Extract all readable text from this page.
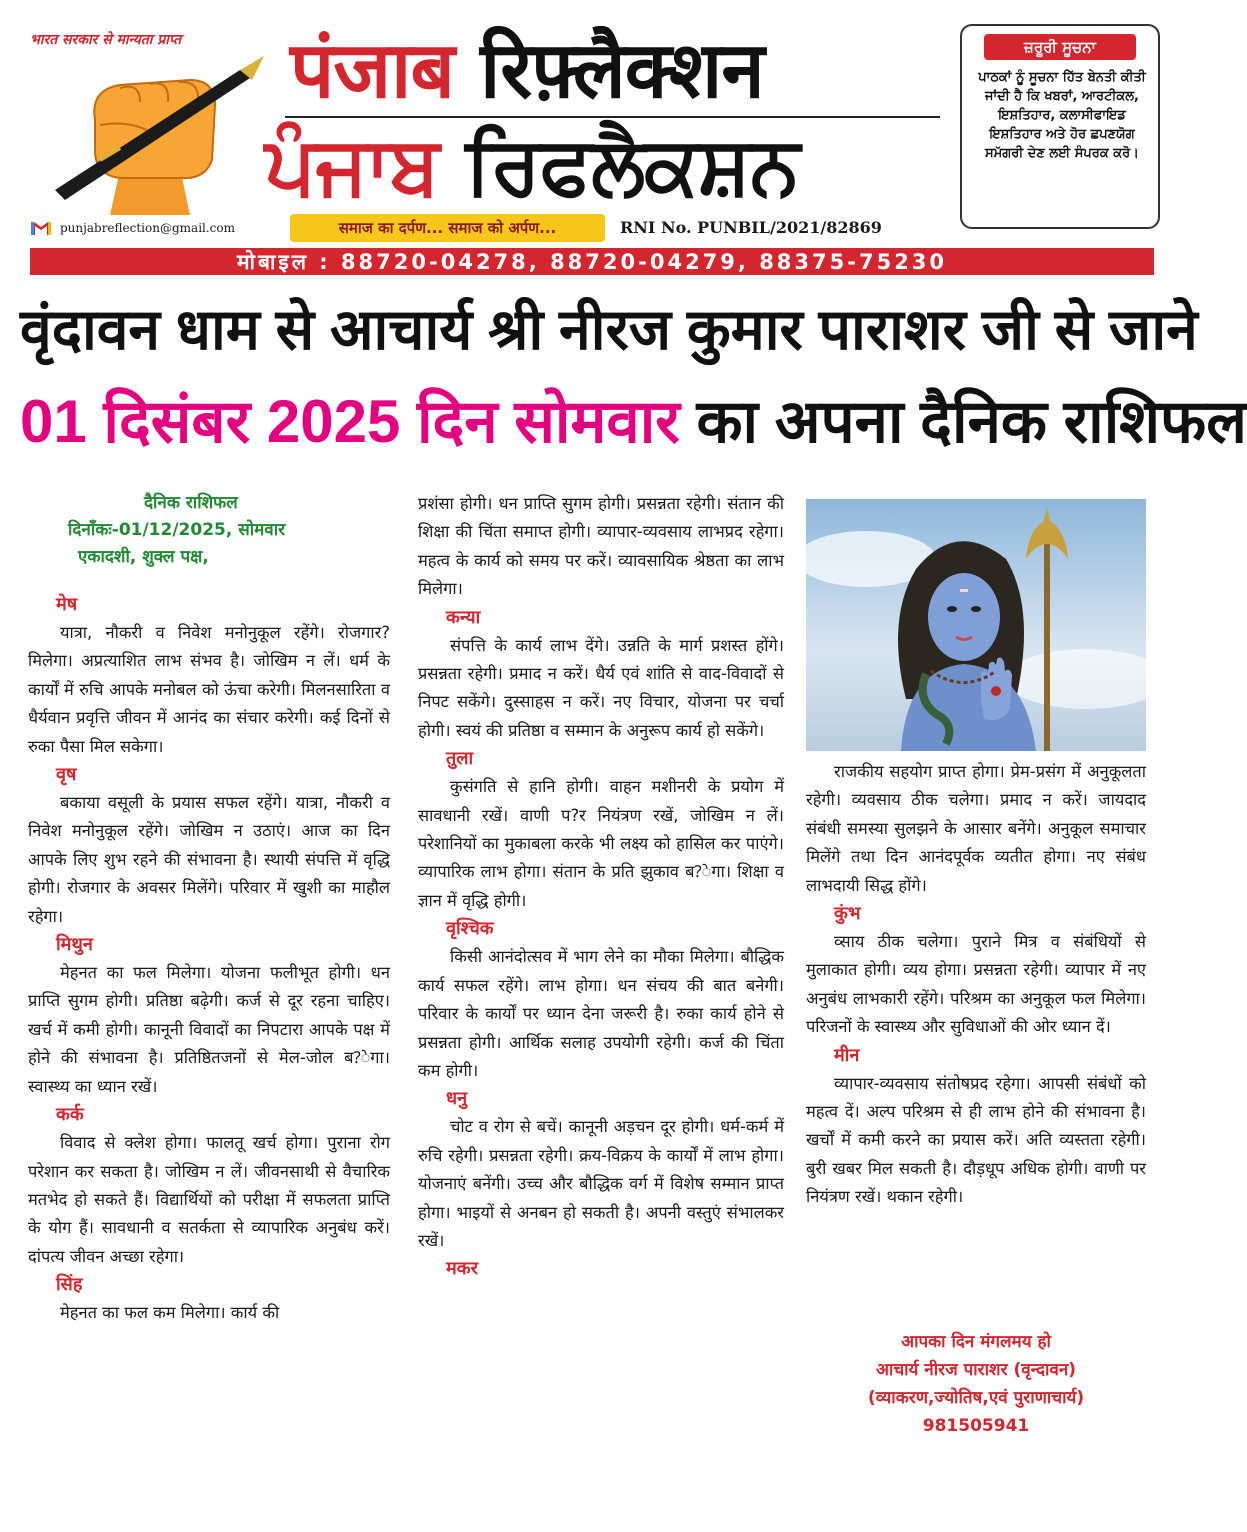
भारत सरकार से मान्यता प्राप्त
punjabreflection@gmail.com
पंजाब रिफ़्लैक्शन
ਪੰਜਾਬ ਰਿਫਲੈਕਸ਼ਨ
समाज का दर्पण... समाज को अर्पण...	RNI No. PUNBIL/2021/82869
ਜ਼ਰੂਰੀ ਸੂਚਨਾ
ਪਾਠਕਾਂ ਨੂੰ ਸੂਚਨਾ ਹਿੱਤ ਬੇਨਤੀ ਕੀਤੀ ਜਾਂਦੀ ਹੈ ਕਿ ਖਬਰਾਂ, ਆਰਟੀਕਲ, ਇਸ਼ਤਿਹਾਰ, ਕਲਾਸੀਫਾਇਡ ਇਸ਼ਤਿਹਾਰ ਅਤੇ ਹੋਰ ਛਪਣਯੋਗ ਸਮੱਗਰੀ ਦੇਣ ਲਈ ਸੰਪਰਕ ਕਰੋ।
मोबाइल : 88720-04278, 88720-04279, 88375-75230
वृंदावन धाम से आचार्य श्री नीरज कुमार पाराशर जी से जाने
01 दिसंबर 2025 दिन सोमवार का अपना दैनिक राशिफल
दैनिक राशिफल
दिनाँकः-01/12/2025, सोमवार
एकादशी, शुक्ल पक्ष,
मेष

यात्रा, नौकरी व निवेश मनोनुकूल रहेंगे। रोजगार? मिलेगा। अप्रत्याशित लाभ संभव है। जोखिम न लें। धर्म के कार्यों में रुचि आपके मनोबल को ऊंचा करेगी। मिलनसारिता व धैर्यवान प्रवृत्ति जीवन में आनंद का संचार करेगी। कई दिनों से रुका पैसा मिल सकेगा।

वृष

बकाया वसूली के प्रयास सफल रहेंगे। यात्रा, नौकरी व निवेश मनोनुकूल रहेंगे। जोखिम न उठाएं। आज का दिन आपके लिए शुभ रहने की संभावना है। स्थायी संपत्ति में वृद्धि होगी। रोजगार के अवसर मिलेंगे। परिवार में खुशी का माहौल रहेगा।

मिथुन

मेहनत का फल मिलेगा। योजना फलीभूत होगी। धन प्राप्ति सुगम होगी। प्रतिष्ठा बढ़ेगी। कर्ज से दूर रहना चाहिए। खर्च में कमी होगी। कानूनी विवादों का निपटारा आपके पक्ष में होने की संभावना है। प्रतिष्ठितजनों से मेल-जोल ब?ेगा। स्वास्थ्य का ध्यान रखें।

कर्क

विवाद से क्लेश होगा। फालतू खर्च होगा। पुराना रोग परेशान कर सकता है। जोखिम न लें। जीवनसाथी से वैचारिक मतभेद हो सकते हैं। विद्यार्थियों को परीक्षा में सफलता प्राप्ति के योग हैं। सावधानी व सतर्कता से व्यापारिक अनुबंध करें। दांपत्य जीवन अच्छा रहेगा।

सिंह

मेहनत का फल कम मिलेगा। कार्य की

प्रशंसा होगी। धन प्राप्ति सुगम होगी। प्रसन्नता रहेगी। संतान की शिक्षा की चिंता समाप्त होगी। व्यापार-व्यवसाय लाभप्रद रहेगा। महत्व के कार्य को समय पर करें। व्यावसायिक श्रेष्ठता का लाभ मिलेगा।

कन्या

संपत्ति के कार्य लाभ देंगे। उन्नति के मार्ग प्रशस्त होंगे। प्रसन्नता रहेगी। प्रमाद न करें। धैर्य एवं शांति से वाद-विवादों से निपट सकेंगे। दुस्साहस न करें। नए विचार, योजना पर चर्चा होगी। स्वयं की प्रतिष्ठा व सम्मान के अनुरूप कार्य हो सकेंगे।

तुला

कुसंगति से हानि होगी। वाहन मशीनरी के प्रयोग में सावधानी रखें। वाणी प?र नियंत्रण रखें, जोखिम न लें। परेशानियों का मुकाबला करके भी लक्ष्य को हासिल कर पाएंगे। व्यापारिक लाभ होगा। संतान के प्रति झुकाव ब?ेगा। शिक्षा व ज्ञान में वृद्धि होगी।

वृश्चिक

किसी आनंदोत्सव में भाग लेने का मौका मिलेगा। बौद्धिक कार्य सफल रहेंगे। लाभ होगा। धन संचय की बात बनेगी। परिवार के कार्यों पर ध्यान देना जरूरी है। रुका कार्य होने से प्रसन्नता होगी। आर्थिक सलाह उपयोगी रहेगी। कर्ज की चिंता कम होगी।

धनु

चोट व रोग से बचें। कानूनी अड़चन दूर होगी। धर्म-कर्म में रुचि रहेगी। प्रसन्नता रहेगी। क्रय-विक्रय के कार्यों में लाभ होगा। योजनाएं बनेंगी। उच्च और बौद्धिक वर्ग में विशेष सम्मान प्राप्त होगा। भाइयों से अनबन हो सकती है। अपनी वस्तुएं संभालकर रखें।

मकर

राजकीय सहयोग प्राप्त होगा। प्रेम-प्रसंग में अनुकूलता रहेगी। व्यवसाय ठीक चलेगा। प्रमाद न करें। जायदाद संबंधी समस्या सुलझने के आसार बनेंगे। अनुकूल समाचार मिलेंगे तथा दिन आनंदपूर्वक व्यतीत होगा। नए संबंध लाभदायी सिद्ध होंगे।

कुंभ

व्साय ठीक चलेगा। पुराने मित्र व संबंधियों से मुलाकात होगी। व्यय होगा। प्रसन्नता रहेगी। व्यापार में नए अनुबंध लाभकारी रहेंगे। परिश्रम का अनुकूल फल मिलेगा। परिजनों के स्वास्थ्य और सुविधाओं की ओर ध्यान दें।

मीन

व्यापार-व्यवसाय संतोषप्रद रहेगा। आपसी संबंधों को महत्व दें। अल्प परिश्रम से ही लाभ होने की संभावना है। खर्चों में कमी करने का प्रयास करें। अति व्यस्तता रहेगी। बुरी खबर मिल सकती है। दौड़धूप अधिक होगी। वाणी पर नियंत्रण रखें। थकान रहेगी।

आपका दिन मंगलमय हो
आचार्य नीरज पाराशर (वृन्दावन)
(व्याकरण,ज्योतिष,एवं पुराणाचार्य)
981505941
